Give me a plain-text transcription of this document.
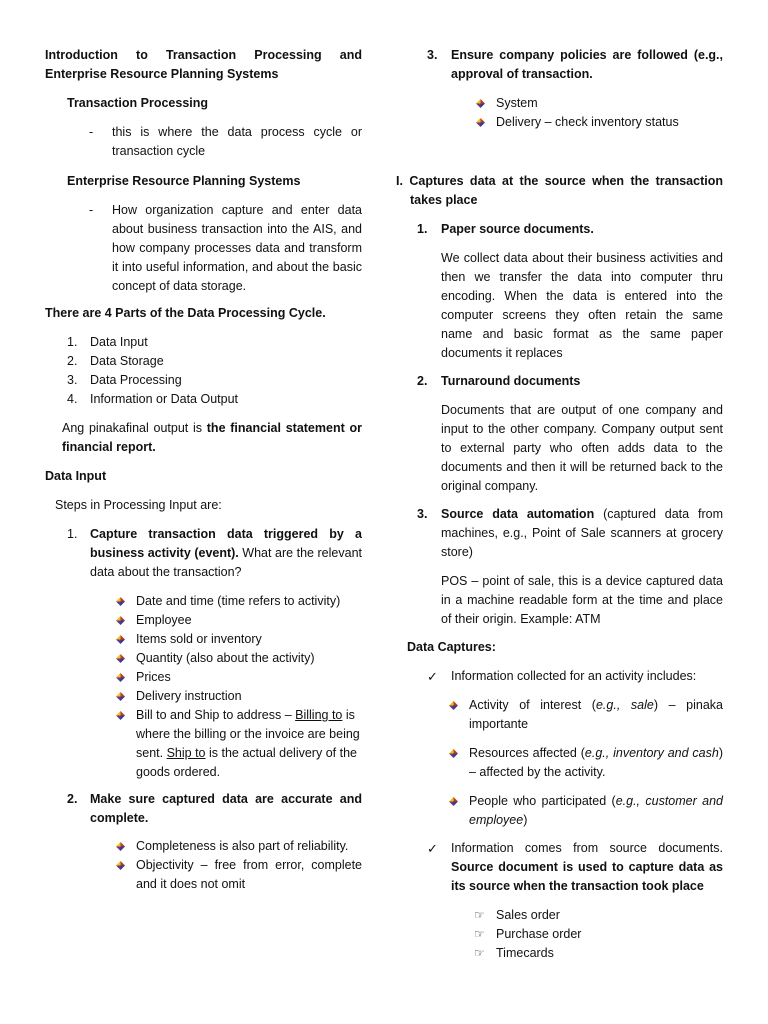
Introduction to Transaction Processing and Enterprise Resource Planning Systems
Transaction Processing
-	this is where the data process cycle or transaction cycle
Enterprise Resource Planning Systems
-	How organization capture and enter data about business transaction into the AIS, and how company processes data and transform it into useful information, and about the basic concept of data storage.
There are 4 Parts of the Data Processing Cycle.
1.	Data Input
2.	Data Storage
3.	Data Processing
4.	Information or Data Output
Ang pinakafinal output is the financial statement or financial report.
Data Input
Steps in Processing Input are:
1.	Capture transaction data triggered by a business activity (event). What are the relevant data about the transaction?
Date and time (time refers to activity)
Employee
Items sold or inventory
Quantity (also about the activity)
Prices
Delivery instruction
Bill to and Ship to address – Billing to is where the billing or the invoice are being sent. Ship to is the actual delivery of the goods ordered.
2.	Make sure captured data are accurate and complete.
Completeness is also part of reliability.
Objectivity – free from error, complete and it does not omit
3.	Ensure company policies are followed (e.g., approval of transaction.
System
Delivery – check inventory status
I. Captures data at the source when the transaction takes place
1.	Paper source documents.
We collect data about their business activities and then we transfer the data into computer thru encoding. When the data is entered into the computer screens they often retain the same name and basic format as the same paper documents it replaces
2.	Turnaround documents
Documents that are output of one company and input to the other company. Company output sent to external party who often adds data to the documents and then it will be returned back to the original company.
3.	Source data automation (captured data from machines, e.g., Point of Sale scanners at grocery store)
POS – point of sale, this is a device captured data in a machine readable form at the time and place of their origin. Example: ATM
Data Captures:
✓	Information collected for an activity includes:
Activity of interest (e.g., sale) – pinaka importante
Resources affected (e.g., inventory and cash) – affected by the activity.
People who participated (e.g., customer and employee)
✓	Information comes from source documents. Source document is used to capture data as its source when the transaction took place
☞ Sales order
☞ Purchase order
☞ Timecards
